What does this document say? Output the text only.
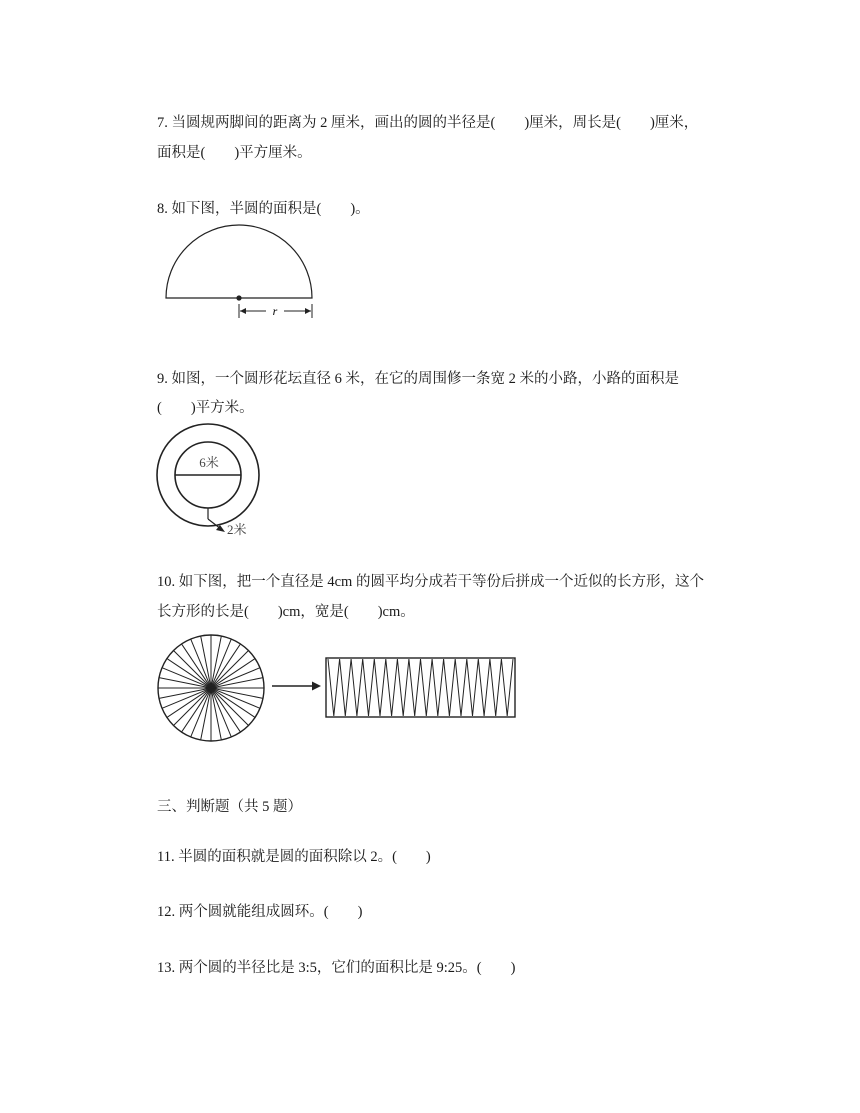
7. 当圆规两脚间的距离为 2 厘米，画出的圆的半径是(　　)厘米，周长是(　　)厘米，
面积是(　　)平方厘米。
8. 如下图，半圆的面积是(　　)。
r
9. 如图，一个圆形花坛直径 6 米，在它的周围修一条宽 2 米的小路，小路的面积是
(　　)平方米。
6米
2米
10. 如下图，把一个直径是 4cm 的圆平均分成若干等份后拼成一个近似的长方形，这个
长方形的长是(　　)cm，宽是(　　)cm。
三、判断题（共 5 题）
11. 半圆的面积就是圆的面积除以 2。(　　)
12. 两个圆就能组成圆环。(　　)
13. 两个圆的半径比是 3:5，它们的面积比是 9:25。(　　)
